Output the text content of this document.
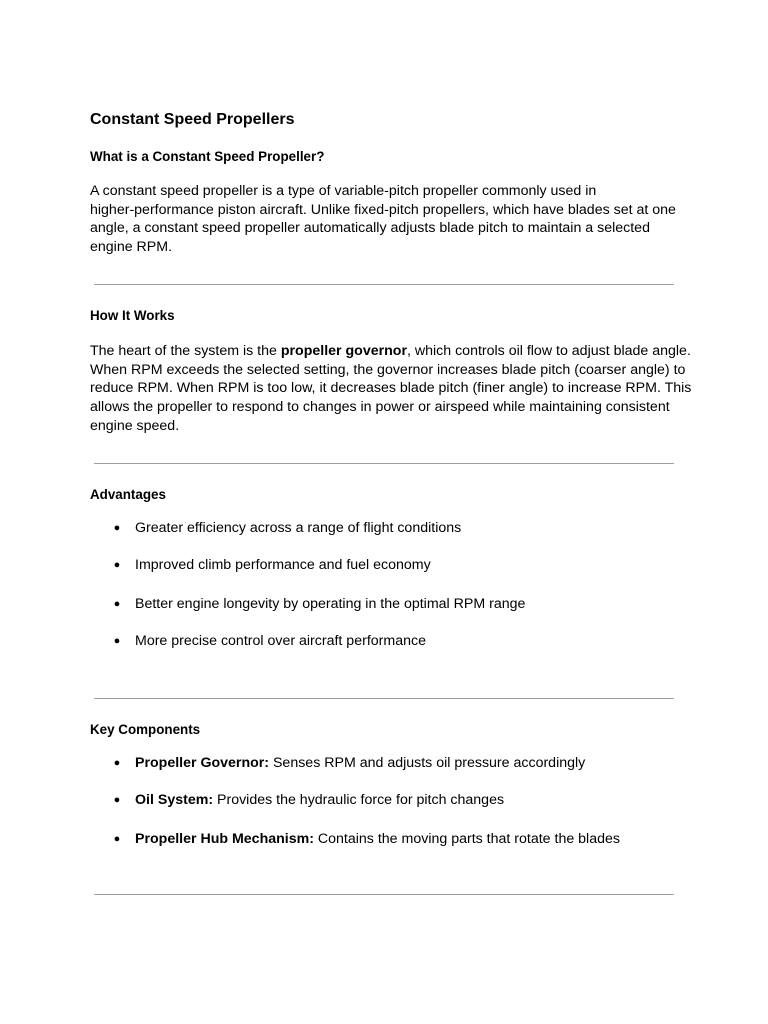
Constant Speed Propellers
What is a Constant Speed Propeller?
A constant speed propeller is a type of variable-pitch propeller commonly used in
higher-performance piston aircraft. Unlike fixed-pitch propellers, which have blades set at one
angle, a constant speed propeller automatically adjusts blade pitch to maintain a selected
engine RPM.
How It Works
The heart of the system is the propeller governor, which controls oil flow to adjust blade angle.
When RPM exceeds the selected setting, the governor increases blade pitch (coarser angle) to
reduce RPM. When RPM is too low, it decreases blade pitch (finer angle) to increase RPM. This
allows the propeller to respond to changes in power or airspeed while maintaining consistent
engine speed.
Advantages
● Greater efficiency across a range of flight conditions
● Improved climb performance and fuel economy
● Better engine longevity by operating in the optimal RPM range
● More precise control over aircraft performance
Key Components
● Propeller Governor: Senses RPM and adjusts oil pressure accordingly
● Oil System: Provides the hydraulic force for pitch changes
● Propeller Hub Mechanism: Contains the moving parts that rotate the blades
